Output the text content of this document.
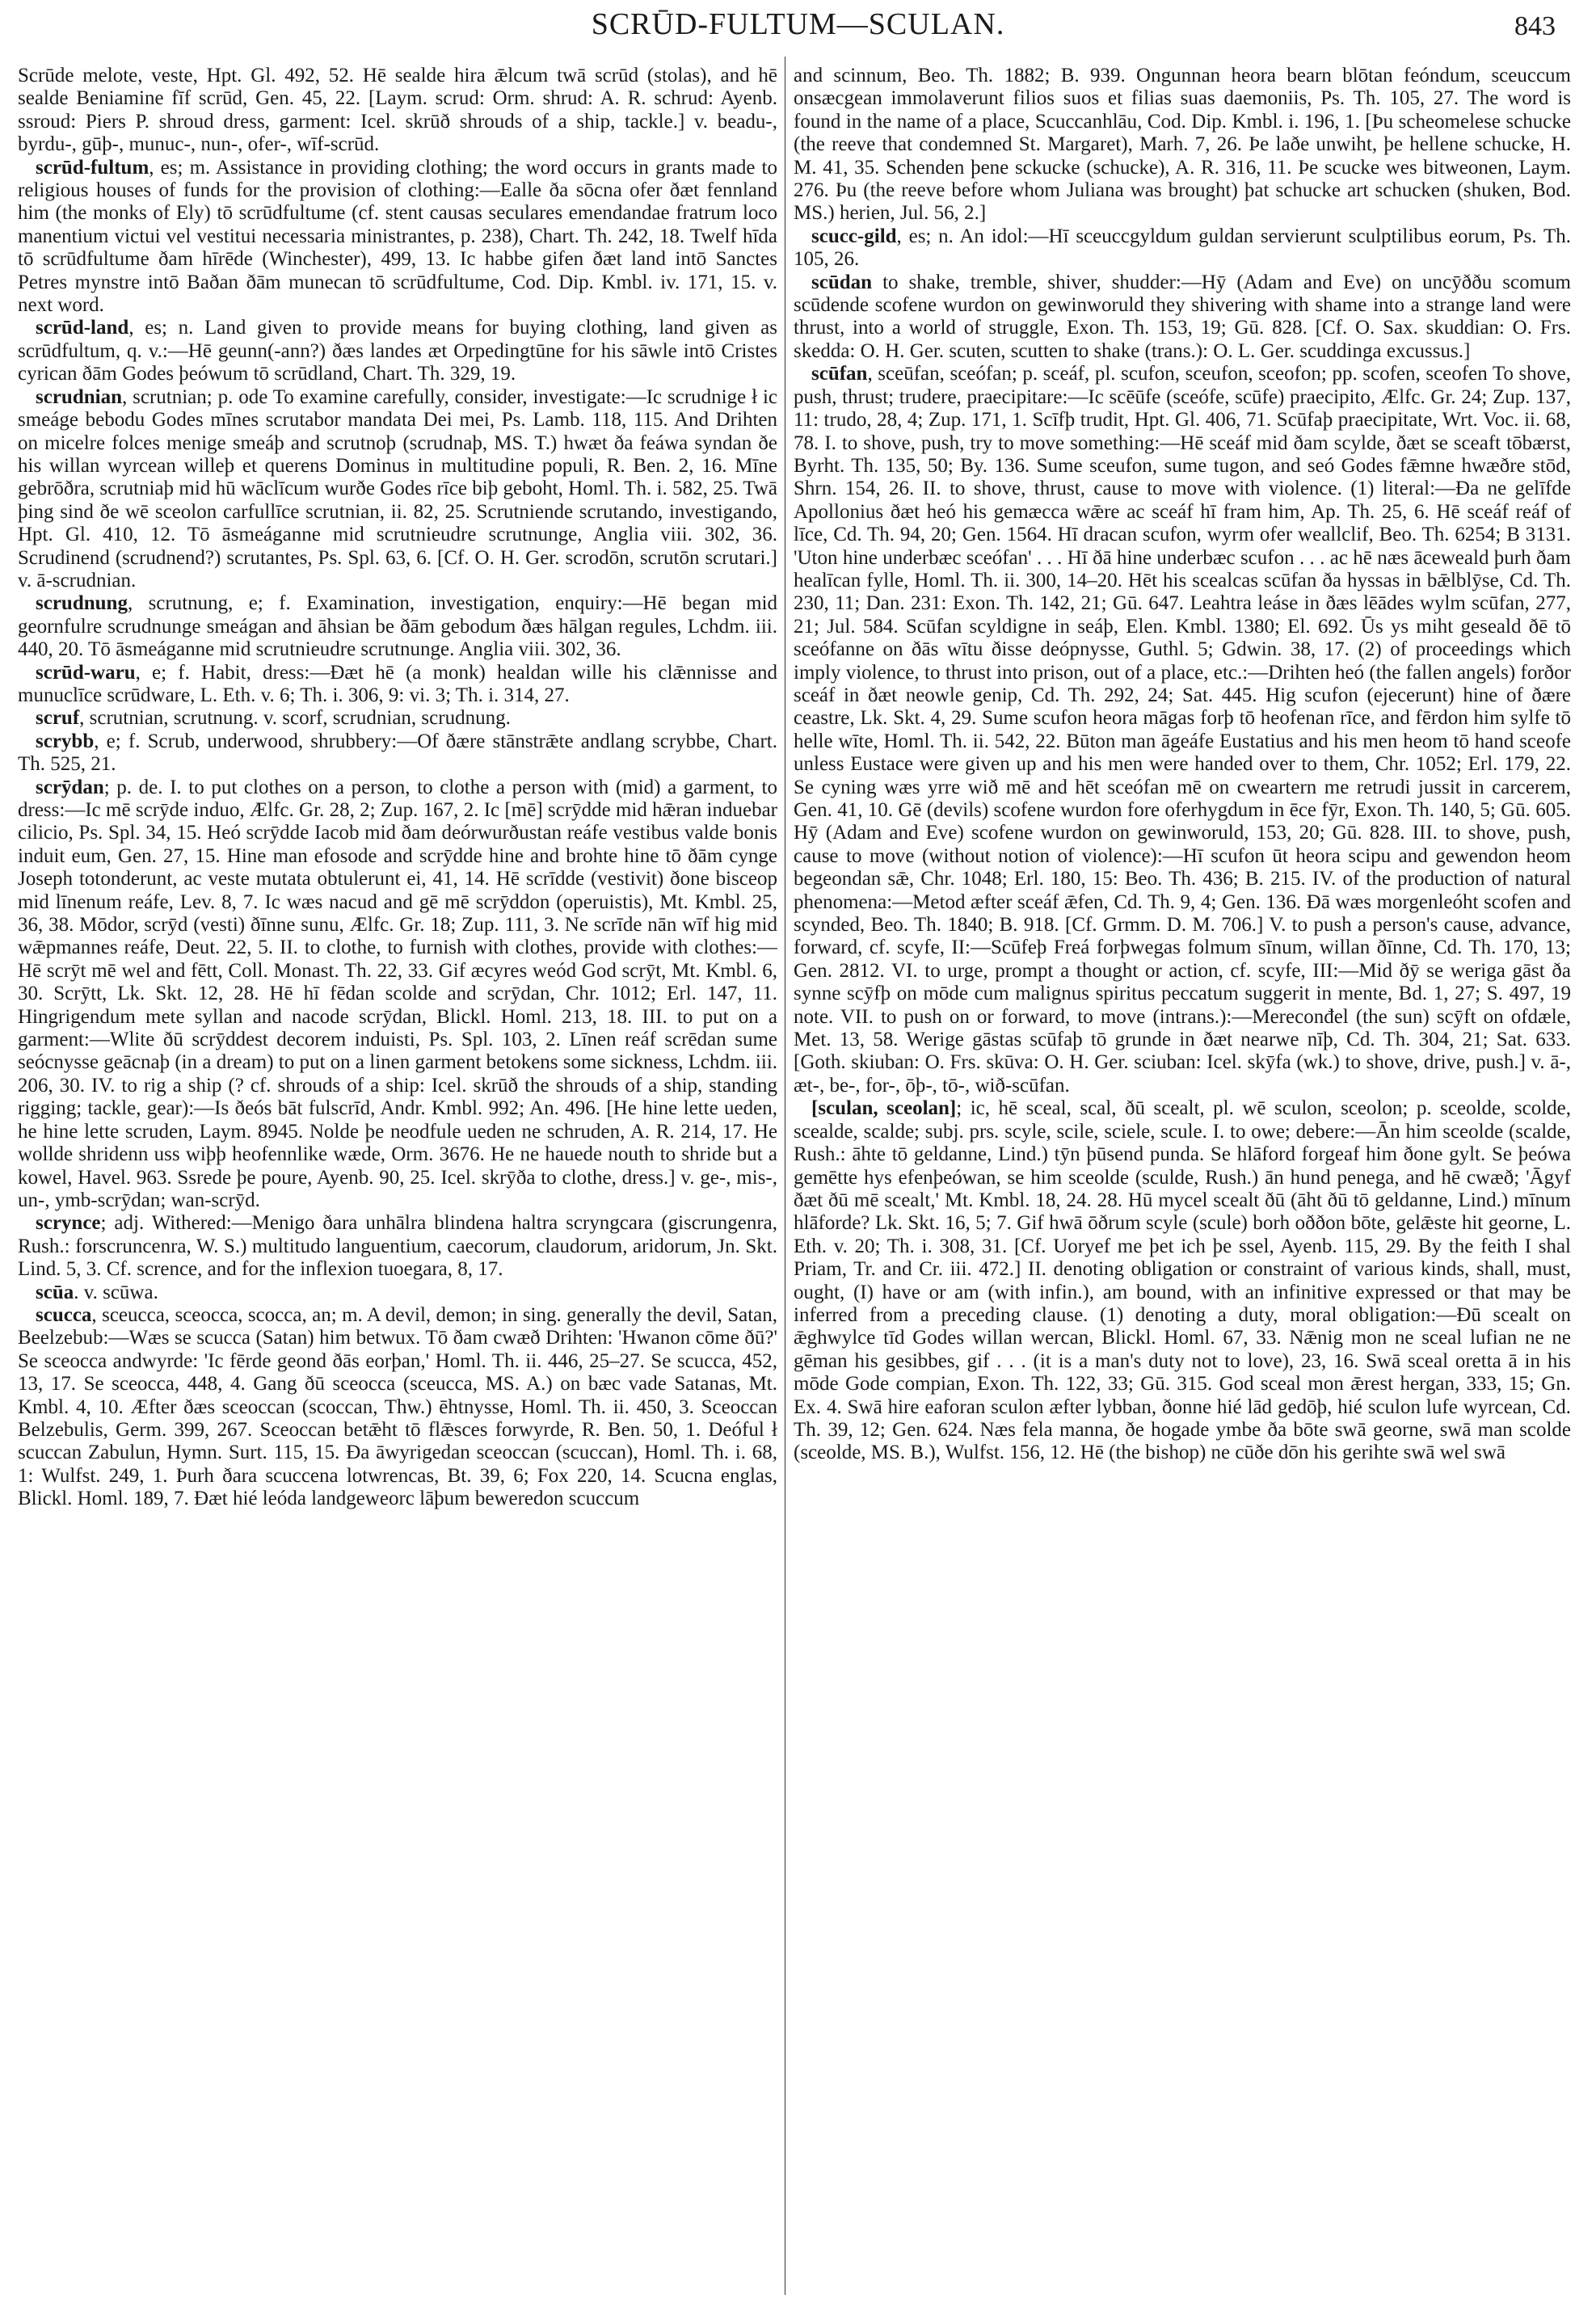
SCRŪD-FULTUM—SCULAN.	843

Scrūde melote, veste, Hpt. Gl. 492, 52. Hē sealde hira ǣlcum twā scrūd (stolas), and hē sealde Beniamine fīf scrūd, Gen. 45, 22. [Laym. scrud: Orm. shrud: A. R. schrud: Ayenb. ssroud: Piers P. shroud dress, garment: Icel. skrūð shrouds of a ship, tackle.] v. beadu-, byrdu-, gūþ-, munuc-, nun-, ofer-, wīf-scrūd.

scrūd-fultum, es; m. Assistance in providing clothing; the word occurs in grants made to religious houses of funds for the provision of clothing:—Ealle ða sōcna ofer ðæt fennland him (the monks of Ely) tō scrūdfultume (cf. stent causas seculares emendandae fratrum loco manentium victui vel vestitui necessaria ministrantes, p. 238), Chart. Th. 242, 18. Twelf hīda tō scrūdfultume ðam hīrēde (Winchester), 499, 13. Ic habbe gifen ðæt land intō Sanctes Petres mynstre intō Baðan ðām munecan tō scrūdfultume, Cod. Dip. Kmbl. iv. 171, 15. v. next word.

scrūd-land, es; n. Land given to provide means for buying clothing, land given as scrūdfultum, q. v.:—Hē geunn(-ann?) ðæs landes æt Orpedingtūne for his sāwle intō Cristes cyrican ðām Godes þeówum tō scrūdland, Chart. Th. 329, 19.

scrudnian, scrutnian; p. ode To examine carefully, consider, investigate:—Ic scrudnige ł ic smeáge bebodu Godes mīnes scrutabor mandata Dei mei, Ps. Lamb. 118, 115. And Drihten on micelre folces menige smeáþ and scrutnoþ (scrudnaþ, MS. T.) hwæt ða feáwa syndan ðe his willan wyrcean willeþ et querens Dominus in multitudine populi, R. Ben. 2, 16. Mīne gebrōðra, scrutniaþ mid hū wāclīcum wurðe Godes rīce biþ geboht, Homl. Th. i. 582, 25. Twā þing sind ðe wē sceolon carfullīce scrutnian, ii. 82, 25. Scrutniende scrutando, investigando, Hpt. Gl. 410, 12. Tō āsmeáganne mid scrutnieudre scrutnunge, Anglia viii. 302, 36. Scrudinend (scrudnend?) scrutantes, Ps. Spl. 63, 6. [Cf. O. H. Ger. scrodōn, scrutōn scrutari.] v. ā-scrudnian.

scrudnung, scrutnung, e; f. Examination, investigation, enquiry:—Hē began mid geornfulre scrudnunge smeágan and āhsian be ðām gebodum ðæs hālgan regules, Lchdm. iii. 440, 20. Tō āsmeáganne mid scrutnieudre scrutnunge. Anglia viii. 302, 36.

scrūd-waru, e; f. Habit, dress:—Ðæt hē (a monk) healdan wille his clǣnnisse and munuclīce scrūdware, L. Eth. v. 6; Th. i. 306, 9: vi. 3; Th. i. 314, 27.

scruf, scrutnian, scrutnung. v. scorf, scrudnian, scrudnung.

scrybb, e; f. Scrub, underwood, shrubbery:—Of ðære stānstrǣte andlang scrybbe, Chart. Th. 525, 21.

scrȳdan; p. de. I. to put clothes on a person, to clothe a person with (mid) a garment, to dress:—Ic mē scrȳde induo, Ælfc. Gr. 28, 2; Zup. 167, 2. Ic [mē] scrȳdde mid hǣran induebar cilicio, Ps. Spl. 34, 15. Heó scrȳdde Iacob mid ðam deórwurðustan reáfe vestibus valde bonis induit eum, Gen. 27, 15. Hine man efosode and scrȳdde hine and brohte hine tō ðām cynge Joseph totonderunt, ac veste mutata obtulerunt ei, 41, 14. Hē scrīdde (vestivit) ðone bisceop mid līnenum reáfe, Lev. 8, 7. Ic wæs nacud and gē mē scrȳddon (operuistis), Mt. Kmbl. 25, 36, 38. Mōdor, scrȳd (vesti) ðīnne sunu, Ælfc. Gr. 18; Zup. 111, 3. Ne scrīde nān wīf hig mid wǣpmannes reáfe, Deut. 22, 5. II. to clothe, to furnish with clothes, provide with clothes:—Hē scrȳt mē wel and fētt, Coll. Monast. Th. 22, 33. Gif æcyres weód God scrȳt, Mt. Kmbl. 6, 30. Scrȳtt, Lk. Skt. 12, 28. Hē hī fēdan scolde and scrȳdan, Chr. 1012; Erl. 147, 11. Hingrigendum mete syllan and nacode scrȳdan, Blickl. Homl. 213, 18. III. to put on a garment:—Wlite ðū scrȳddest decorem induisti, Ps. Spl. 103, 2. Līnen reáf scrēdan sume seócnysse geācnaþ (in a dream) to put on a linen garment betokens some sickness, Lchdm. iii. 206, 30. IV. to rig a ship (? cf. shrouds of a ship: Icel. skrūð the shrouds of a ship, standing rigging; tackle, gear):—Is ðeós bāt fulscrīd, Andr. Kmbl. 992; An. 496. [He hine lette ueden, he hine lette scruden, Laym. 8945. Nolde þe neodfule ueden ne schruden, A. R. 214, 17. He wollde shridenn uss wiþþ heofennlike wæde, Orm. 3676. He ne hauede nouth to shride but a kowel, Havel. 963. Ssrede þe poure, Ayenb. 90, 25. Icel. skrȳða to clothe, dress.] v. ge-, mis-, un-, ymb-scrȳdan; wan-scrȳd.

scrynce; adj. Withered:—Menigo ðara unhālra blindena haltra scryngcara (giscrungenra, Rush.: forscruncenra, W. S.) multitudo languentium, caecorum, claudorum, aridorum, Jn. Skt. Lind. 5, 3. Cf. scrence, and for the inflexion tuoegara, 8, 17.

scūa. v. scūwa.

scucca, sceucca, sceocca, scocca, an; m. A devil, demon; in sing. generally the devil, Satan, Beelzebub:—Wæs se scucca (Satan) him betwux. Tō ðam cwæð Drihten: 'Hwanon cōme ðū?' Se sceocca andwyrde: 'Ic fērde geond ðās eorþan,' Homl. Th. ii. 446, 25–27. Se scucca, 452, 13, 17. Se sceocca, 448, 4. Gang ðū sceocca (sceucca, MS. A.) on bæc vade Satanas, Mt. Kmbl. 4, 10. Æfter ðæs sceoccan (scoccan, Thw.) ēhtnysse, Homl. Th. ii. 450, 3. Sceoccan Belzebulis, Germ. 399, 267. Sceoccan betǣht tō flǣsces forwyrde, R. Ben. 50, 1. Deóful ł scuccan Zabulun, Hymn. Surt. 115, 15. Ða āwyrigedan sceoccan (scuccan), Homl. Th. i. 68, 1: Wulfst. 249, 1. Þurh ðara scuccena lotwrencas, Bt. 39, 6; Fox 220, 14. Scucna englas, Blickl. Homl. 189, 7. Ðæt hié leóda landgeweorc lāþum beweredon scuccum

and scinnum, Beo. Th. 1882; B. 939. Ongunnan heora bearn blōtan feóndum, sceuccum onsæcgean immolaverunt filios suos et filias suas daemoniis, Ps. Th. 105, 27. The word is found in the name of a place, Scuccanhlāu, Cod. Dip. Kmbl. i. 196, 1. [Þu scheomelese schucke (the reeve that condemned St. Margaret), Marh. 7, 26. Þe laðe unwiht, þe hellene schucke, H. M. 41, 35. Schenden þene sckucke (schucke), A. R. 316, 11. Þe scucke wes bitweonen, Laym. 276. Þu (the reeve before whom Juliana was brought) þat schucke art schucken (shuken, Bod. MS.) herien, Jul. 56, 2.]

scucc-gild, es; n. An idol:—Hī sceuccgyldum guldan servierunt sculptilibus eorum, Ps. Th. 105, 26.

scūdan to shake, tremble, shiver, shudder:—Hȳ (Adam and Eve) on uncȳððu scomum scūdende scofene wurdon on gewinworuld they shivering with shame into a strange land were thrust, into a world of struggle, Exon. Th. 153, 19; Gū. 828. [Cf. O. Sax. skuddian: O. Frs. skedda: O. H. Ger. scuten, scutten to shake (trans.): O. L. Ger. scuddinga excussus.]

scūfan, sceūfan, sceófan; p. sceáf, pl. scufon, sceufon, sceofon; pp. scofen, sceofen To shove, push, thrust; trudere, praecipitare:—Ic scēūfe (sceófe, scūfe) praecipito, Ælfc. Gr. 24; Zup. 137, 11: trudo, 28, 4; Zup. 171, 1. Scīfþ trudit, Hpt. Gl. 406, 71. Scūfaþ praecipitate, Wrt. Voc. ii. 68, 78. I. to shove, push, try to move something:—Hē sceáf mid ðam scylde, ðæt se sceaft tōbærst, Byrht. Th. 135, 50; By. 136. Sume sceufon, sume tugon, and seó Godes fǣmne hwæðre stōd, Shrn. 154, 26. II. to shove, thrust, cause to move with violence. (1) literal:—Ða ne gelīfde Apollonius ðæt heó his gemæcca wǣre ac sceáf hī fram him, Ap. Th. 25, 6. Hē sceáf reáf of līce, Cd. Th. 94, 20; Gen. 1564. Hī dracan scufon, wyrm ofer weallclif, Beo. Th. 6254; B 3131. 'Uton hine underbæc sceófan' . . . Hī ðā hine underbæc scufon . . . ac hē næs āceweald þurh ðam healīcan fylle, Homl. Th. ii. 300, 14–20. Hēt his scealcas scūfan ða hyssas in bǣlblȳse, Cd. Th. 230, 11; Dan. 231: Exon. Th. 142, 21; Gū. 647. Leahtra leáse in ðæs lēādes wylm scūfan, 277, 21; Jul. 584. Scūfan scyldigne in seáþ, Elen. Kmbl. 1380; El. 692. Ūs ys miht geseald ðē tō sceófanne on ðās wītu ðisse deópnysse, Guthl. 5; Gdwin. 38, 17. (2) of proceedings which imply violence, to thrust into prison, out of a place, etc.:—Drihten heó (the fallen angels) forðor sceáf in ðæt neowle genip, Cd. Th. 292, 24; Sat. 445. Hig scufon (ejecerunt) hine of ðære ceastre, Lk. Skt. 4, 29. Sume scufon heora māgas forþ tō heofenan rīce, and fērdon him sylfe tō helle wīte, Homl. Th. ii. 542, 22. Būton man āgeáfe Eustatius and his men heom tō hand sceofe unless Eustace were given up and his men were handed over to them, Chr. 1052; Erl. 179, 22. Se cyning wæs yrre wið mē and hēt sceófan mē on cweartern me retrudi jussit in carcerem, Gen. 41, 10. Gē (devils) scofene wurdon fore oferhygdum in ēce fȳr, Exon. Th. 140, 5; Gū. 605. Hȳ (Adam and Eve) scofene wurdon on gewinworuld, 153, 20; Gū. 828. III. to shove, push, cause to move (without notion of violence):—Hī scufon ūt heora scipu and gewendon heom begeondan sǣ, Chr. 1048; Erl. 180, 15: Beo. Th. 436; B. 215. IV. of the production of natural phenomena:—Metod æfter sceáf ǣfen, Cd. Th. 9, 4; Gen. 136. Ðā wæs morgenleóht scofen and scynded, Beo. Th. 1840; B. 918. [Cf. Grmm. D. M. 706.] V. to push a person's cause, advance, forward, cf. scyfe, II:—Scūfeþ Freá forþwegas folmum sīnum, willan ðīnne, Cd. Th. 170, 13; Gen. 2812. VI. to urge, prompt a thought or action, cf. scyfe, III:—Mid ðȳ se weriga gāst ða synne scȳfþ on mōde cum malignus spiritus peccatum suggerit in mente, Bd. 1, 27; S. 497, 19 note. VII. to push on or forward, to move (intrans.):—Mereconđel (the sun) scȳft on ofdæle, Met. 13, 58. Werige gāstas scūfaþ tō grunde in ðæt nearwe nīþ, Cd. Th. 304, 21; Sat. 633. [Goth. skiuban: O. Frs. skūva: O. H. Ger. sciuban: Icel. skȳfa (wk.) to shove, drive, push.] v. ā-, æt-, be-, for-, ōþ-, tō-, wið-scūfan.

[sculan, sceolan]; ic, hē sceal, scal, ðū scealt, pl. wē sculon, sceolon; p. sceolde, scolde, scealde, scalde; subj. prs. scyle, scile, sciele, scule. I. to owe; debere:—Ān him sceolde (scalde, Rush.: āhte tō geldanne, Lind.) tȳn þūsend punda. Se hlāford forgeaf him ðone gylt. Se þeówa gemētte hys efenþeówan, se him sceolde (sculde, Rush.) ān hund penega, and hē cwæð; 'Āgyf ðæt ðū mē scealt,' Mt. Kmbl. 18, 24. 28. Hū mycel scealt ðū (āht ðū tō geldanne, Lind.) mīnum hlāforde? Lk. Skt. 16, 5; 7. Gif hwā ōðrum scyle (scule) borh oððon bōte, gelǣste hit georne, L. Eth. v. 20; Th. i. 308, 31. [Cf. Uoryef me þet ich þe ssel, Ayenb. 115, 29. By the feith I shal Priam, Tr. and Cr. iii. 472.] II. denoting obligation or constraint of various kinds, shall, must, ought, (I) have or am (with infin.), am bound, with an infinitive expressed or that may be inferred from a preceding clause. (1) denoting a duty, moral obligation:—Ðū scealt on ǣghwylce tīd Godes willan wercan, Blickl. Homl. 67, 33. Nǣnig mon ne sceal lufian ne ne gēman his gesibbes, gif . . . (it is a man's duty not to love), 23, 16. Swā sceal oretta ā in his mōde Gode compian, Exon. Th. 122, 33; Gū. 315. God sceal mon ǣrest hergan, 333, 15; Gn. Ex. 4. Swā hire eaforan sculon æfter lybban, ðonne hié lād gedōþ, hié sculon lufe wyrcean, Cd. Th. 39, 12; Gen. 624. Næs fela manna, ðe hogade ymbe ða bōte swā georne, swā man scolde (sceolde, MS. B.), Wulfst. 156, 12. Hē (the bishop) ne cūðe dōn his gerihte swā wel swā
